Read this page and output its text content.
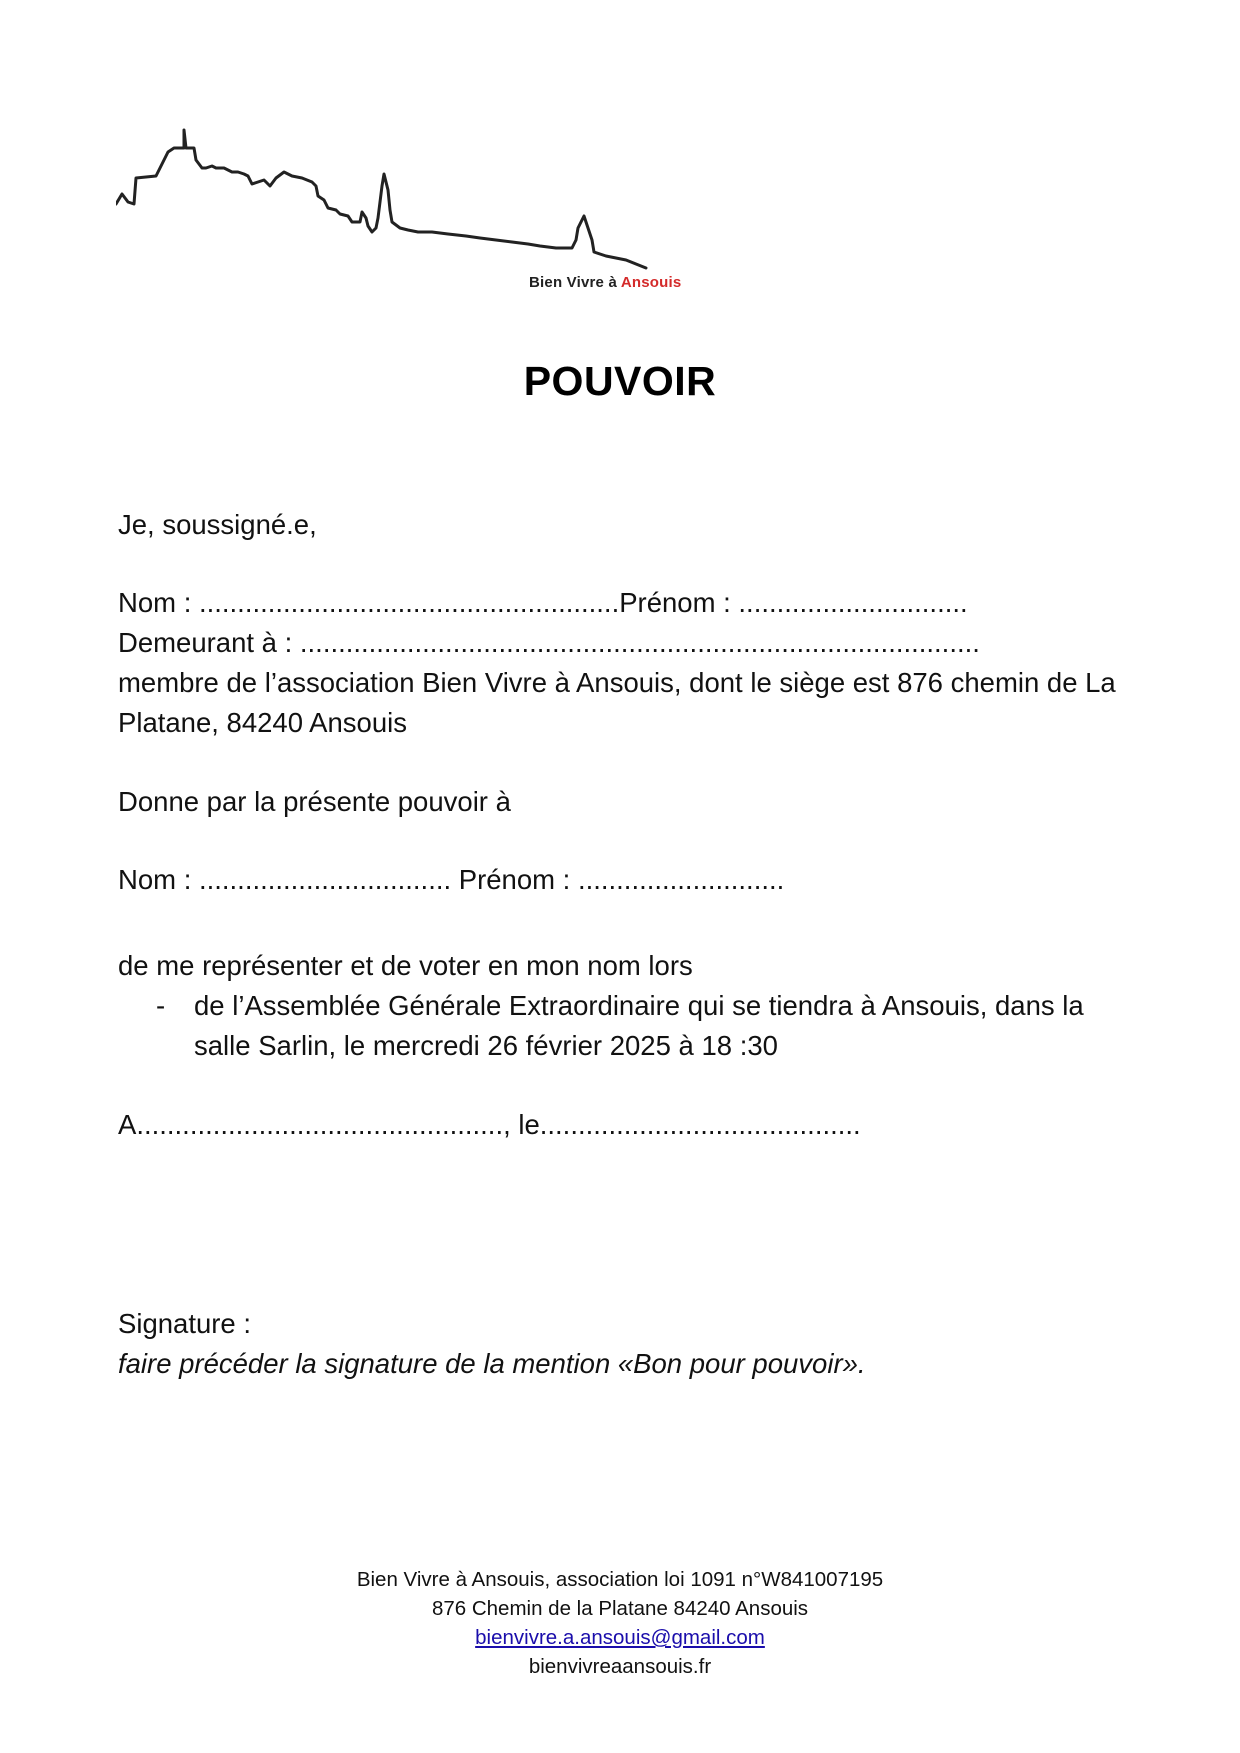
Bien Vivre à Ansouis
POUVOIR
Je, soussigné.e,
Nom : .......................................................Prénom : ..............................
Demeurant à : .........................................................................................
membre de l’association Bien Vivre à Ansouis, dont le siège est 876 chemin de La Platane, 84240 Ansouis
Donne par la présente pouvoir à
Nom : ................................. Prénom : ...........................
de me représenter et de voter en mon nom lors
- de l’Assemblée Générale Extraordinaire qui se tiendra à Ansouis, dans la salle Sarlin, le mercredi 26 février 2025 à 18 :30
A................................................, le..........................................
Signature :
faire précéder la signature de la mention «Bon pour pouvoir».
Bien Vivre à Ansouis, association loi 1091 n°W841007195
876 Chemin de la Platane 84240 Ansouis
bienvivre.a.ansouis@gmail.com
bienvivreaansouis.fr
